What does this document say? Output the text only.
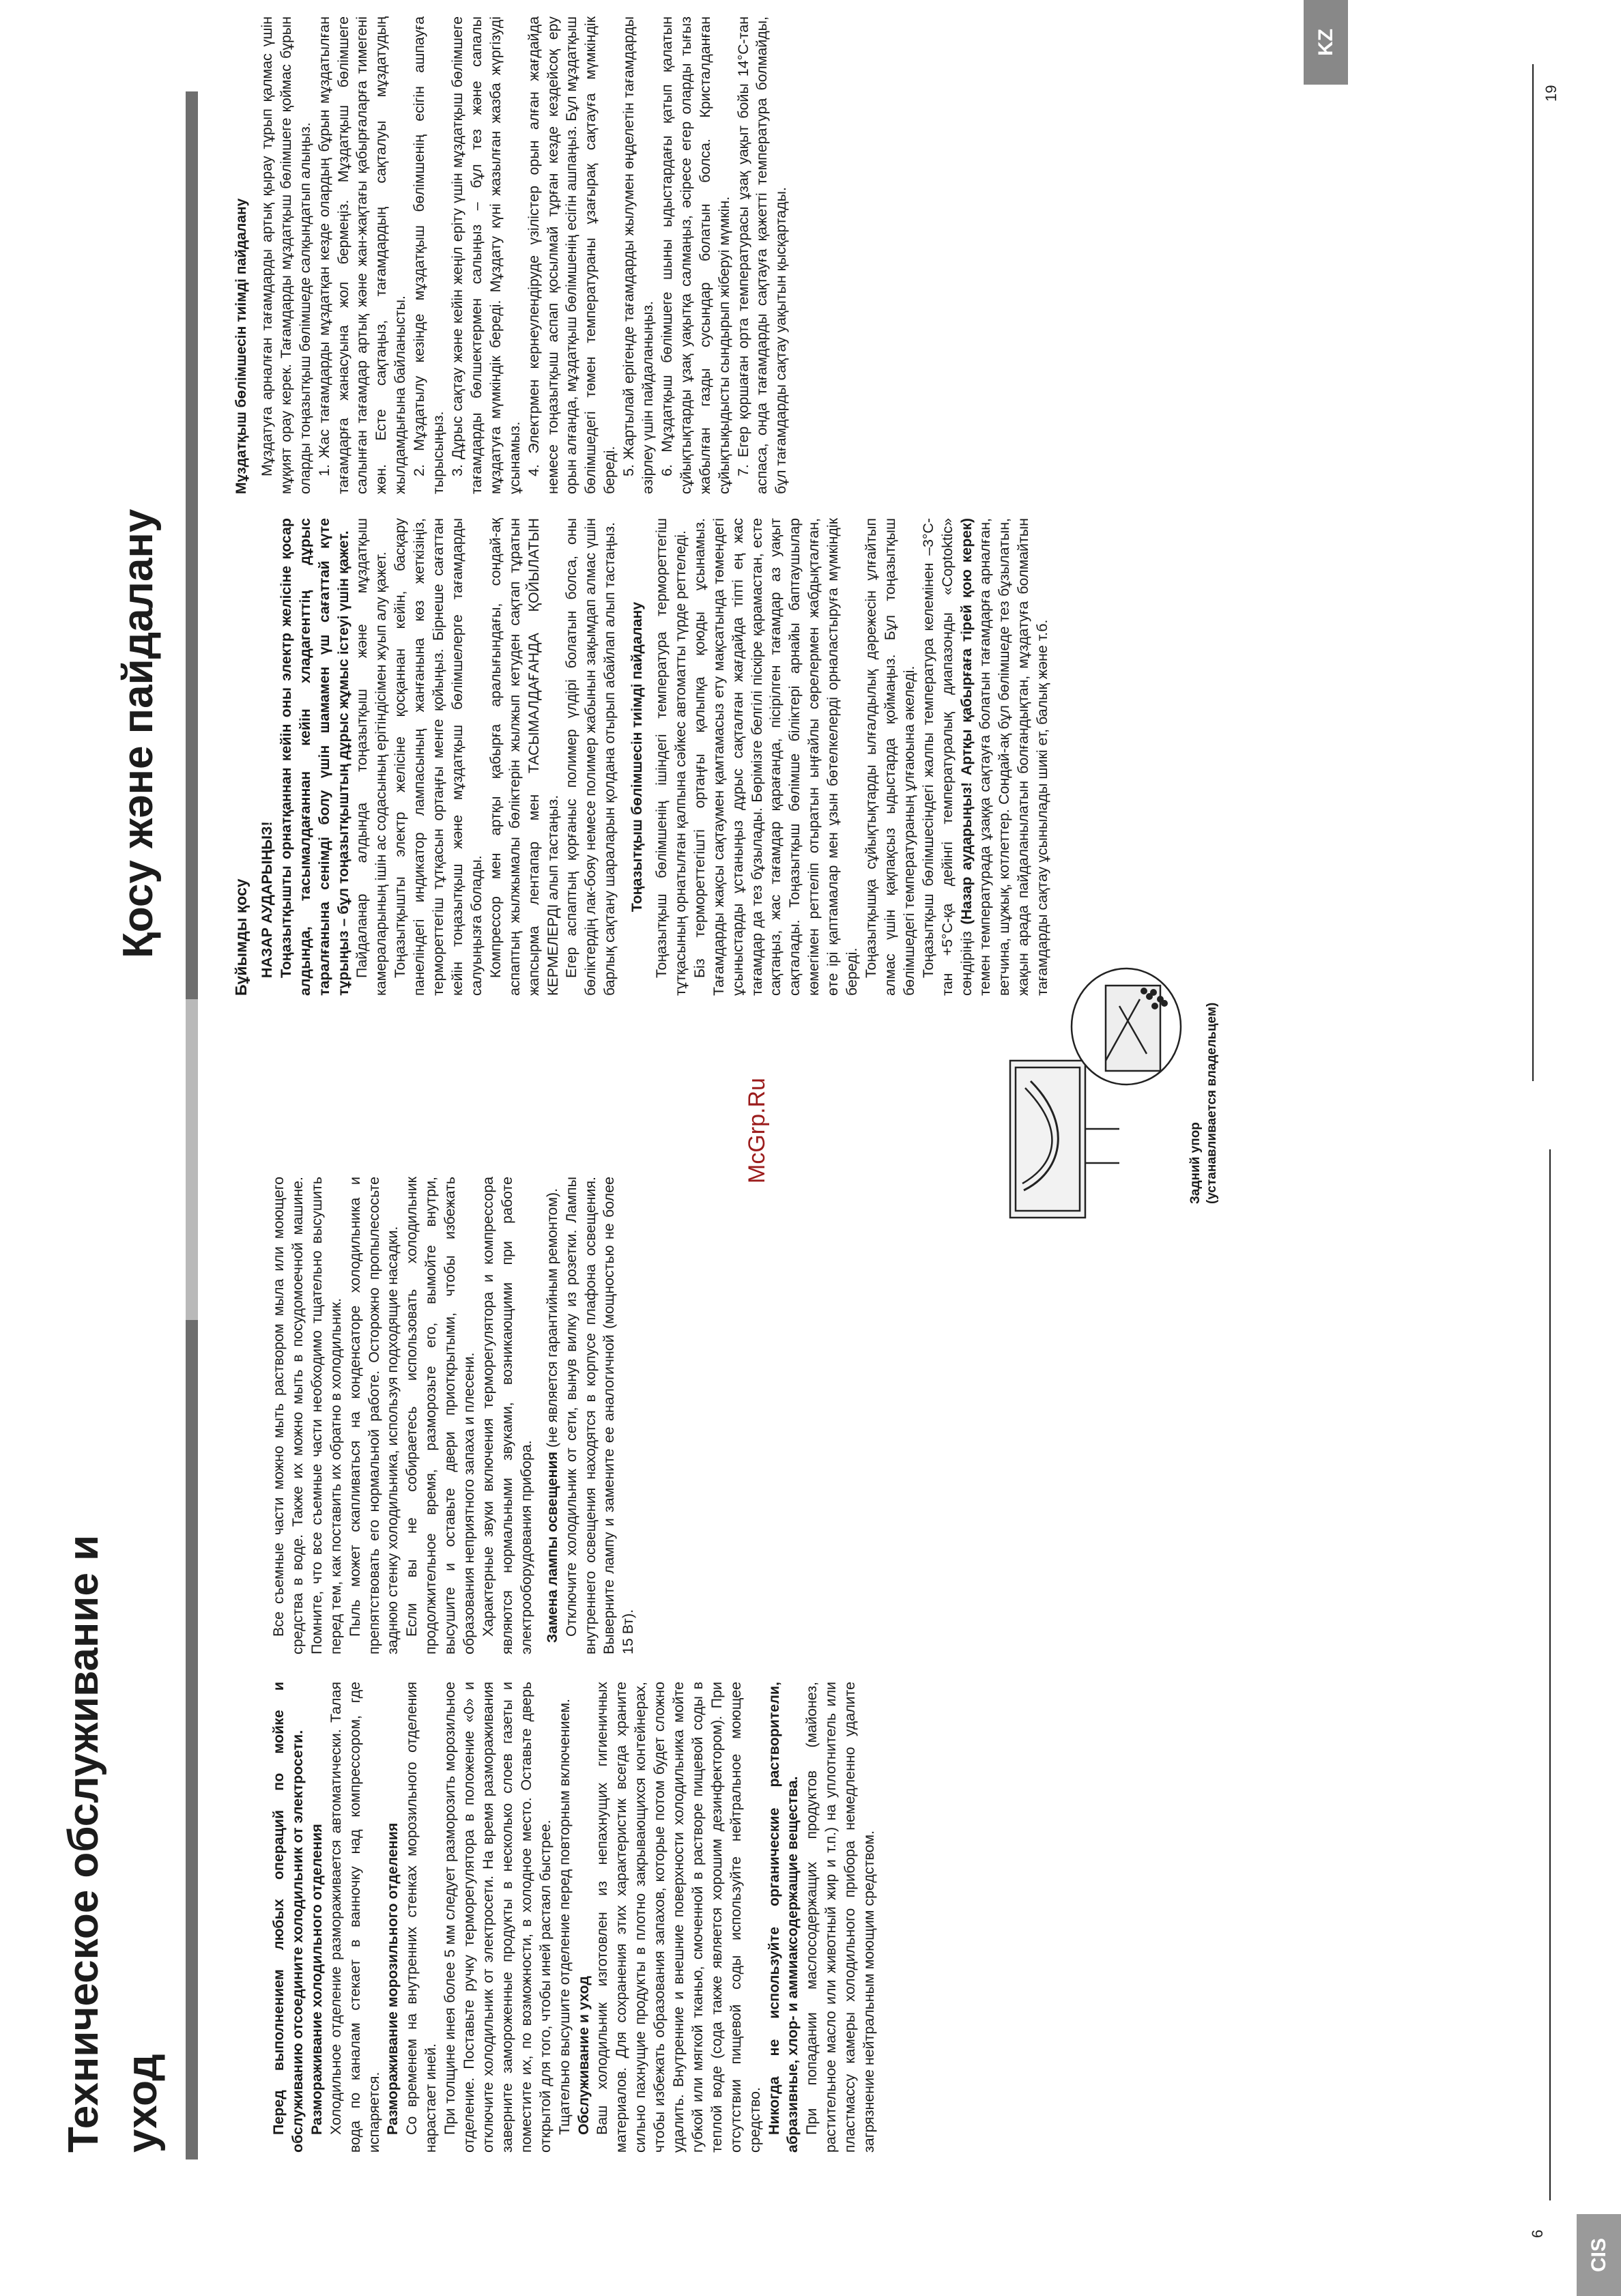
CIS
Техническое обслуживание и уход
6

Перед выполнением любых операций по мойке и обслуживанию отсоедините холодильник от электросети. Размораживание холодильного отделения Холодильное отделение размораживается автоматически. Талая вода по каналам стекает в ванночку над компрессором, где испаряется. Размораживание морозильного отделения Со временем на внутренних стенках морозильного отделения нарастает иней. При толщине инея более 5 мм следует разморозить морозильное отделение. Поставьте ручку терморегулятора в положение «0» и отключите холодильник от электросети. На время размораживания заверните замороженные продукты в несколько слоев газеты и поместите их, по возможности, в холодное место. Оставьте дверь открытой для того, чтобы иней растаял быстрее. Тщательно высушите отделение перед повторным включением. Обслуживание и уход Ваш холодильник изготовлен из непахнущих гигиеничных материалов. Для сохранения этих характеристик всегда храните сильно пахнущие продукты в плотно закрывающихся контейнерах, чтобы избежать образования запахов, которые потом будет сложно удалить. Внутренние и внешние поверхности холодильника мойте губкой или мягкой тканью, смоченной в растворе пищевой соды в теплой воде (сода также является хорошим дезинфектором). При отсутствии пищевой соды используйте нейтральное моющее средство. Никогда не используйте органические растворители, абразивные, хлор- и аммиаксодержащие вещества. При попадании маслосодержащих продуктов (майонез, растительное масло или животный жир и т.п.) на уплотнитель или пластмассу камеры холодильного прибора немедленно удалите загрязнение нейтральным моющим средством.

Все съемные части можно мыть раствором мыла или моющего средства в воде. Также их можно мыть в посудомоечной машине. Помните, что все съемные части необходимо тщательно высушить перед тем, как поставить их обратно в холодильник. Пыль может скапливаться на конденсаторе холодильника и препятствовать его нормальной работе. Осторожно пропылесосьте заднюю стенку холодильника, используя подходящие насадки. Если вы не собираетесь использовать холодильник продолжительное время, разморозьте его, вымойте внутри, высушите и оставьте двери приоткрытыми, чтобы избежать образования неприятного запаха и плесени. Характерные звуки включения терморегулятора и компрессора являются нормальными звуками, возникающими при работе электрооборудования прибора. Замена лампы освещения (не является гарантийным ремонтом). Отключите холодильник от сети, вынув вилку из розетки. Лампы внутреннего освещения находятся в корпусе плафона освещения. Выверните лампу и замените ее аналогичной (мощностью не более 15 Вт).

Задний упор (устанавливается владельцем)
McGrp.Ru
19
KZ
Қосу және пайдалану	Бұйымды қосу НАЗАР АУДАРЫҢЫЗ! Тоңазытқышты орнатқаннан кейін оны электр желісіне қосар алдында, тасымалдағаннан кейін хладагенттің дұрыс таралғанына сенімді болу үшін шамамен үш сағаттай күте тұрыңыз – бұл тоңазытқыштың дұрыс жұмыс істеуі үшін қажет. Пайдаланар алдында тоңазытқыш және мұздатқыш камераларының ішін ас содасының ерітіндісімен жуып алу қажет. Тоңазытқышты электр желісіне қосқаннан кейін, басқару панеліндегі индикатор лампасының жанғанына көз жеткізіңіз, термореттегіш тұтқасын ортаңғы менге қойыңыз. Бірнеше сағаттан кейін тоңазытқыш және мұздатқыш бөлімшелерге тағамдарды салуыңызға болады. Компрессор мен артқы қабырға аралығындағы, сондай-ақ аспаптың жылжымалы бөліктерін жылжып кетуден сақтап тұратын жапсырма лентапар мен ТАСЫМАЛДАҒАНДА ҚОЙЫЛАТЫН КЕРМЕЛЕРДІ алып тастаңыз. Егер аспаптың қорғаныс полимер үлдірі болатын болса, оны бөліктердің лак-бояу немесе полимер жабынын зақымдап алмас үшін барлық сақтану шараларын қолдана отырып абайлап алып тастаңыз. Тоңазытқыш бөлімшесін тиімді пайдалану Тоңазытқыш бөлімшенің ішіндегі температура термореттегіш тұтқасының орнатылған қалпына сәйкес автоматты түрде реттеледі. Біз термореттегішті ортаңғы қалыпқа қоюды ұсынамыз. Тағамдарды жақсы сақтаумен қамтамасыз ету мақсатында төмендегі ұсыныстарды ұстаныңыз дұрыс сақталған жағдайда тіпті ең жас тағамдар да тез бұзылады. Бөрімізге белгілі піскіре қарамастан, есте сақтаңыз, жас тағамдар қарағанда, пісірілген тағамдар аз уақыт сақталады. Тоңазытқыш бөлімше біліктері арнайы баптаушылар көмегімен реттеліп отыратын ыңғайлы сөрелермен жабдықталған, өте ірі қаптамалар мен ұзын бөтелкелерді орналастыруға мүмкіндік береді. Тоңазытқышқа сұйықтықтарды ылғалдылық дәрежесін ұлғайтып алмас үшін қақпақсыз ыдыстарда қоймаңыз. Бұл тоңазытқыш бөлімшедегі температураның ұлғаюына әкеледі. Тоңазытқыш бөлімшесіндегі жалпы температура келемінен –3°С-тан +5°С-қа дейінгі температуралық диапазонды «Сорtoktic» сөндіріңіз (Назар аударыңыз! Артқы қабырғаға тірей қою керек) темен температурада ұзаққа сақтауға болатын тағамдарға арналған, ветчина, шұжық, котлеттер. Сондай-ақ бұл бөлімшеде тез бұзылатын, жақын арада пайдаланылатын болғандықтан, мұздатуға болмайтын тағамдарды сақтау ұсынылады шикі ет, балық және т.б.

Мұздатқыш бөлімшесін тиімді пайдалану Мұздатуға арналған тағамдарды артық қырау тұрып қалмас үшін мұқият орау керек. Тағамдарды мұздатқыш бөлімшеге қоймас бұрын оларды тоңазытқыш бөлімшеде салқындатып алыңыз. 1. Жас тағамдарды мұздатқан кезде олардың бұрын мұздатылған тағамдарға жанасуына жол бермеңіз. Мұздатқыш бөлімшеге салынған тағамдар артық және жан-жақтағы қабырғаларға тимегені жөн. Есте сақтаңыз, тағамдардың сақталуы мұздатудың жылдамдығына байланысты. 2. Мұздатылу кезінде мұздатқыш бөлімшенің есігін ашпауға тырысыңыз. 3. Дұрыс сақтау және кейін жеңіл еріту үшін мұздатқыш бөлімшеге тағамдарды бөлшектермен салыңыз – бұл тез және сапалы мұздатуға мүмкіндік береді. Мұздату күні жазылған жазба жүргізуді ұсынамыз. 4. Электрмен кернеулендіруде үзілістер орын алған жағдайда немесе тоңазытқыш аспап қосылмай тұрған кезде кездейсоқ еру орын алғанда, мұздатқыш бөлімшенің есігін ашпаңыз. Бұл мұздатқыш бөлімшедегі төмен температураны ұзағырақ сақтауға мүмкіндік береді. 5. Жартылай ерігенде тағамдарды жылумен өңделетін тағамдарды әзірлеу үшін пайдаланыңыз. 6. Мұздатқыш бөлімшеге шыны ыдыстардағы қатып қалатын сұйықтықтарды ұзақ уақытқа салмаңыз, әсіресе егер оларды тығыз жабылған газды сусындар болатын болса. Кристалданған сұйықтықыдысты сындырып жіберуі мүмкін. 7. Егер қоршаған орта температурасы ұзақ уақыт бойы 14°С-тан аспаса, онда тағамдарды сақтауға қажетті температура болмайды, бұл тағамдарды сақтау уақытын қысқартады.
